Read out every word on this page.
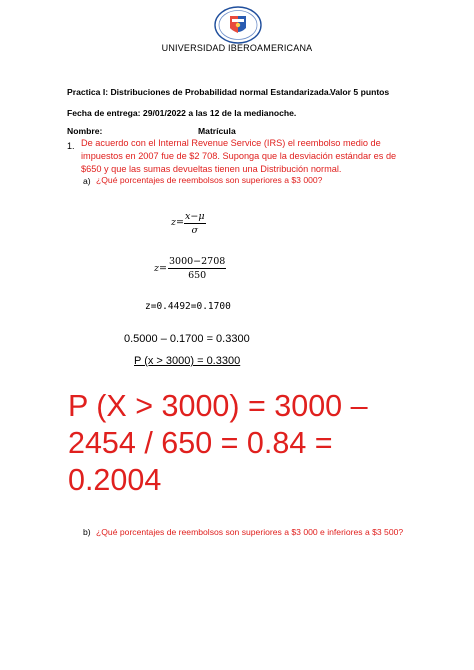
UNIVERSIDAD IBEROAMERICANA
Practica I: Distribuciones de Probabilidad normal Estandarizada.
Valor 5 puntos
Fecha de entrega: 29/01/2022 a las 12 de la medianoche.
Nombre:	Matrícula
1. De acuerdo con el Internal Revenue Service (IRS) el reembolso medio de impuestos en 2007 fue de $2 708. Suponga que la desviación estándar es de $650 y que las sumas devueltas tienen una Distribución normal.
a) ¿Qué porcentajes de reembolsos son superiores a $3 000?
$z= \frac{x-\mu}{\sigma}$
$z= \frac{3000-2708}{650}$
z=0.4492=0.1700
0.5000 – 0.1700 = 0.3300
P (x > 3000) = 0.3300
P (X > 3000) = 3000 – 2454 / 650 = 0.84 = 0.2004
b) ¿Qué porcentajes de reembolsos son superiores a $3 000 e inferiores a $3 500?
